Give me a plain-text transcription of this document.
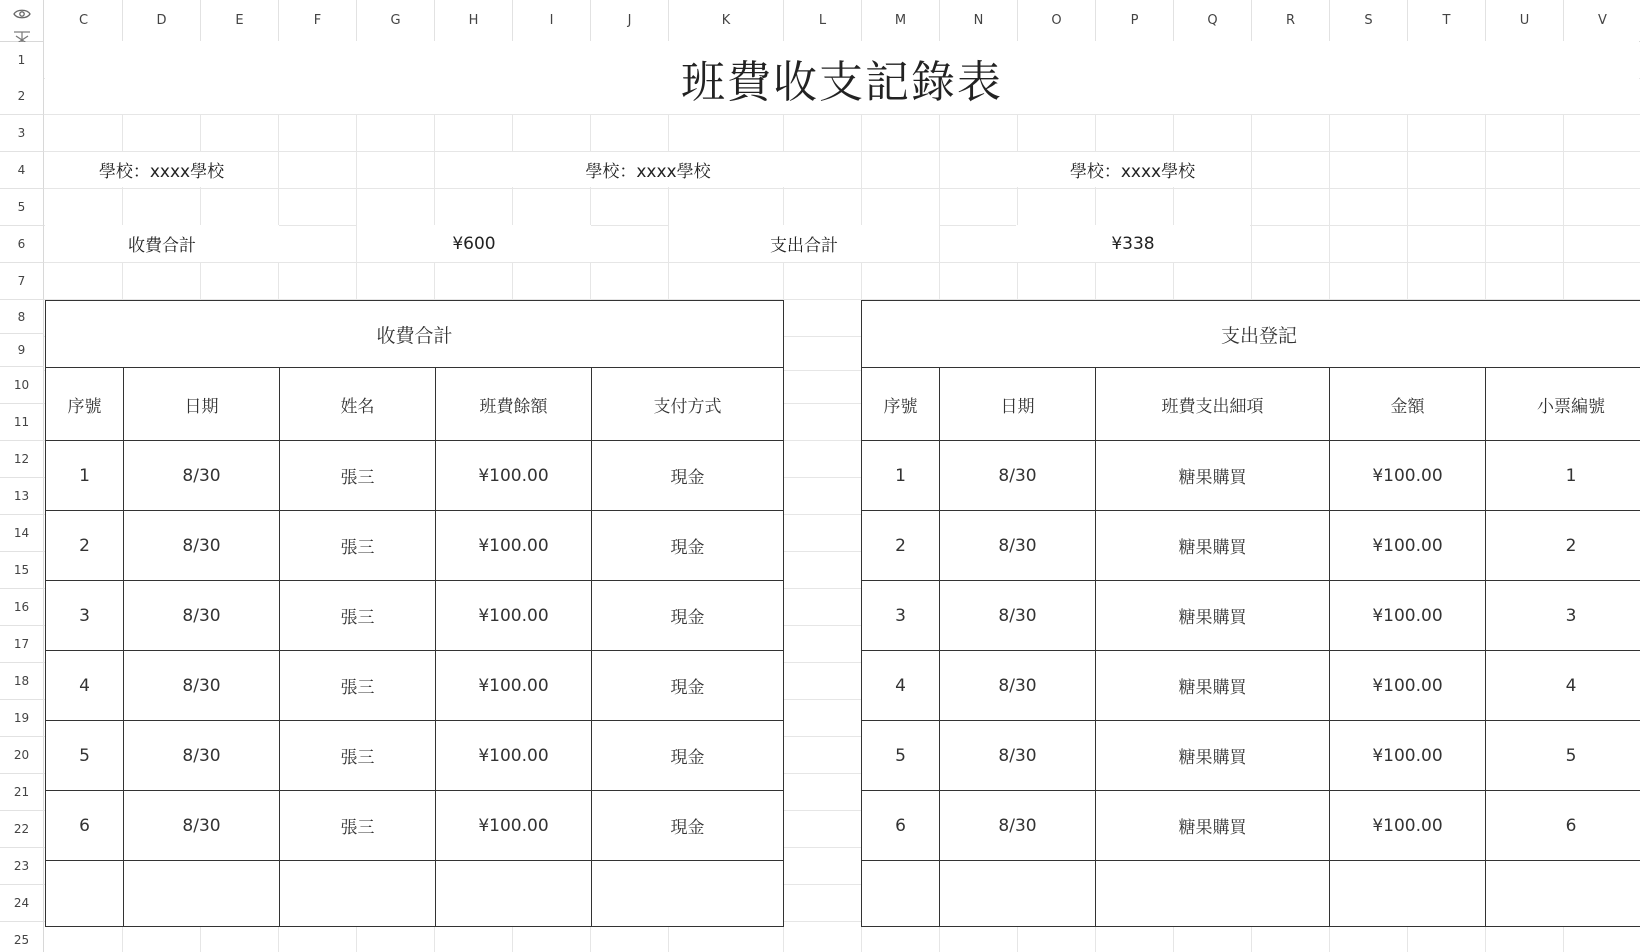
C	D	E	F	G	H	I	J	K	L	M	N	O	P	Q	R	S	T	U	V
1
2
3
4
5
6
7
8
9
10
11
12
13
14
15
16
17
18
19
20
21
22
23
24
25
班費收支記錄表
學校：xxxx學校	學校：xxxx學校	學校：xxxx學校
收費合計	¥600	支出合計	¥338
收費合計				
序號	日期	姓名	班費餘額	支付方式
1	8/30	張三	¥100.00	現金
2	8/30	張三	¥100.00	現金
3	8/30	張三	¥100.00	現金
4	8/30	張三	¥100.00	現金
5	8/30	張三	¥100.00	現金
6	8/30	張三	¥100.00	現金

支出登記				
序號	日期	班費支出細項	金額	小票編號
1	8/30	糖果購買	¥100.00	1
2	8/30	糖果購買	¥100.00	2
3	8/30	糖果購買	¥100.00	3
4	8/30	糖果購買	¥100.00	4
5	8/30	糖果購買	¥100.00	5
6	8/30	糖果購買	¥100.00	6
